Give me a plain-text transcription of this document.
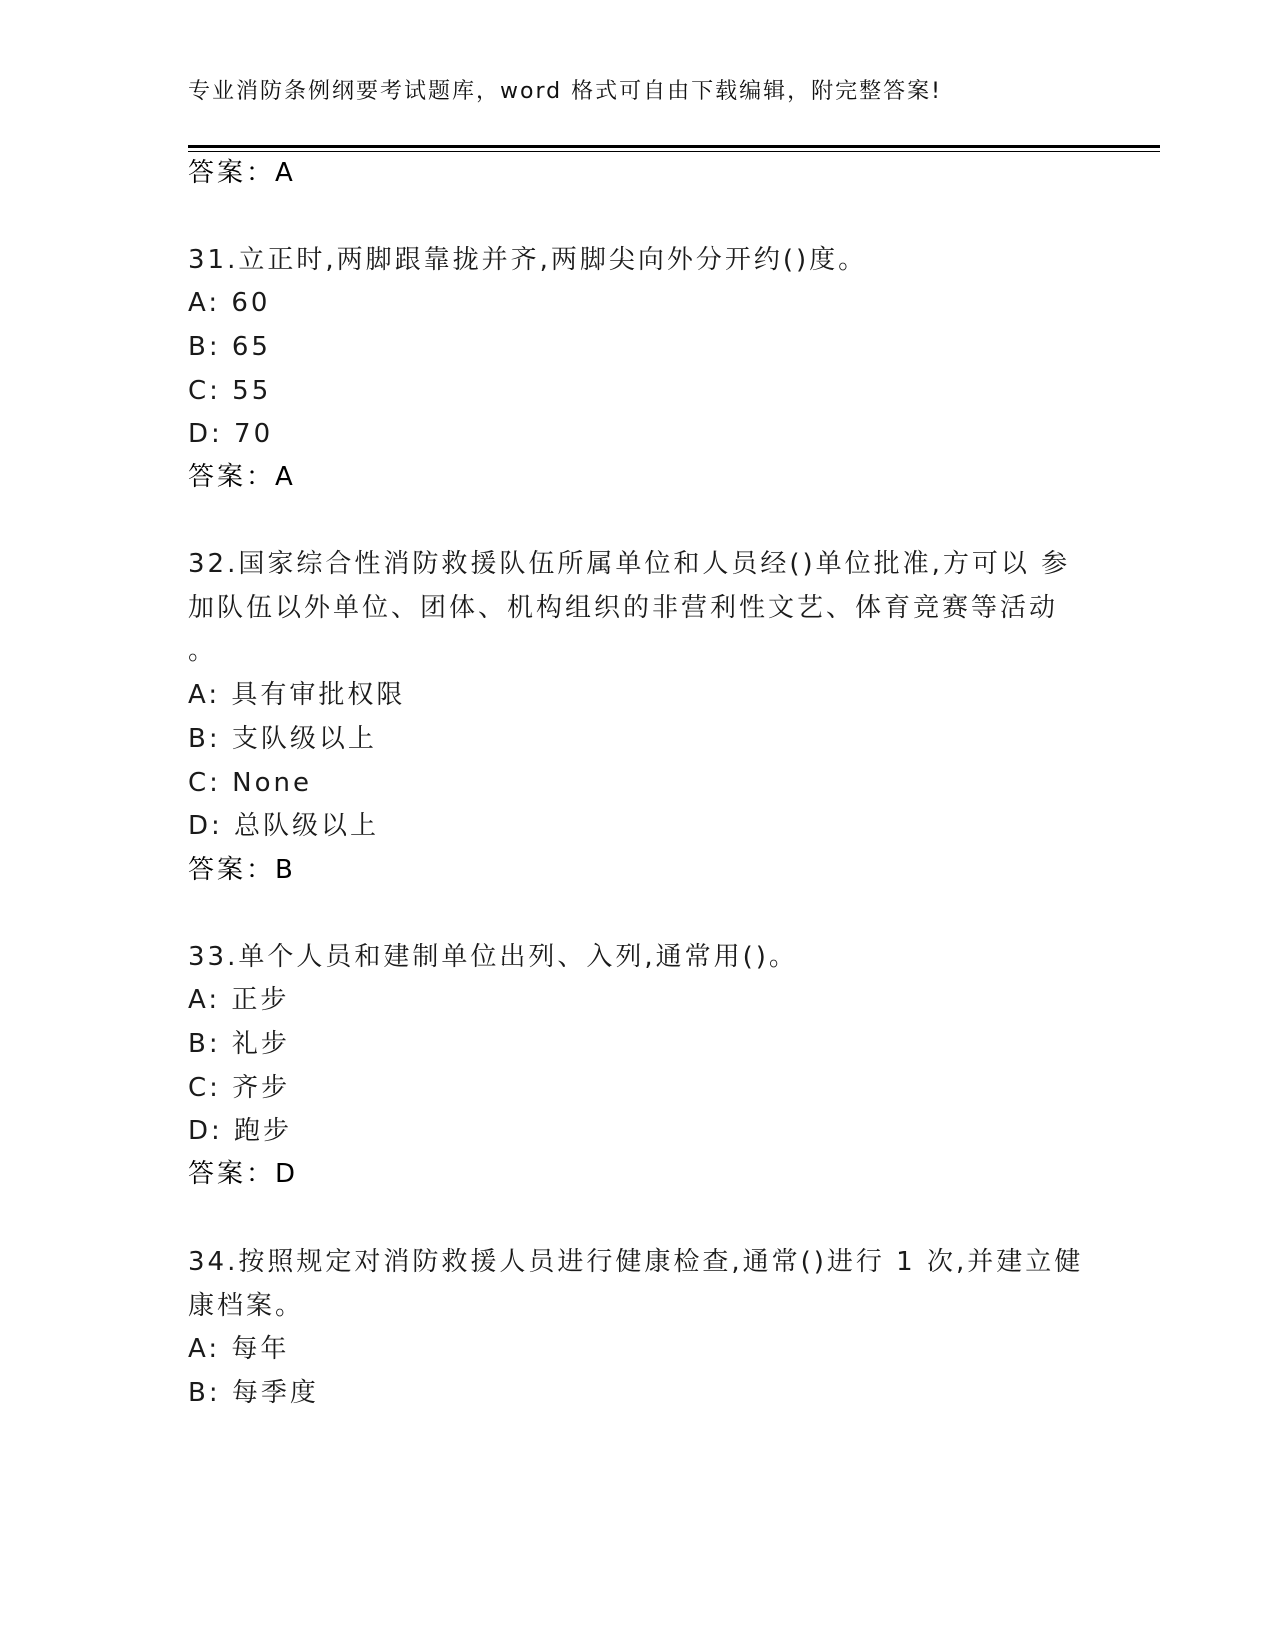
专业消防条例纲要考试题库，word 格式可自由下载编辑，附完整答案!
答案：A
31.立正时,两脚跟靠拢并齐,两脚尖向外分开约()度。
A: 60
B: 65
C: 55
D: 70
答案：A
32.国家综合性消防救援队伍所属单位和人员经()单位批准,方可以 参
加队伍以外单位、团体、机构组织的非营利性文艺、体育竞赛等活动
。
A: 具有审批权限
B: 支队级以上
C: None
D: 总队级以上
答案：B
33.单个人员和建制单位出列、入列,通常用()。
A: 正步
B: 礼步
C: 齐步
D: 跑步
答案：D
34.按照规定对消防救援人员进行健康检查,通常()进行 1 次,并建立健
康档案。
A: 每年
B: 每季度
